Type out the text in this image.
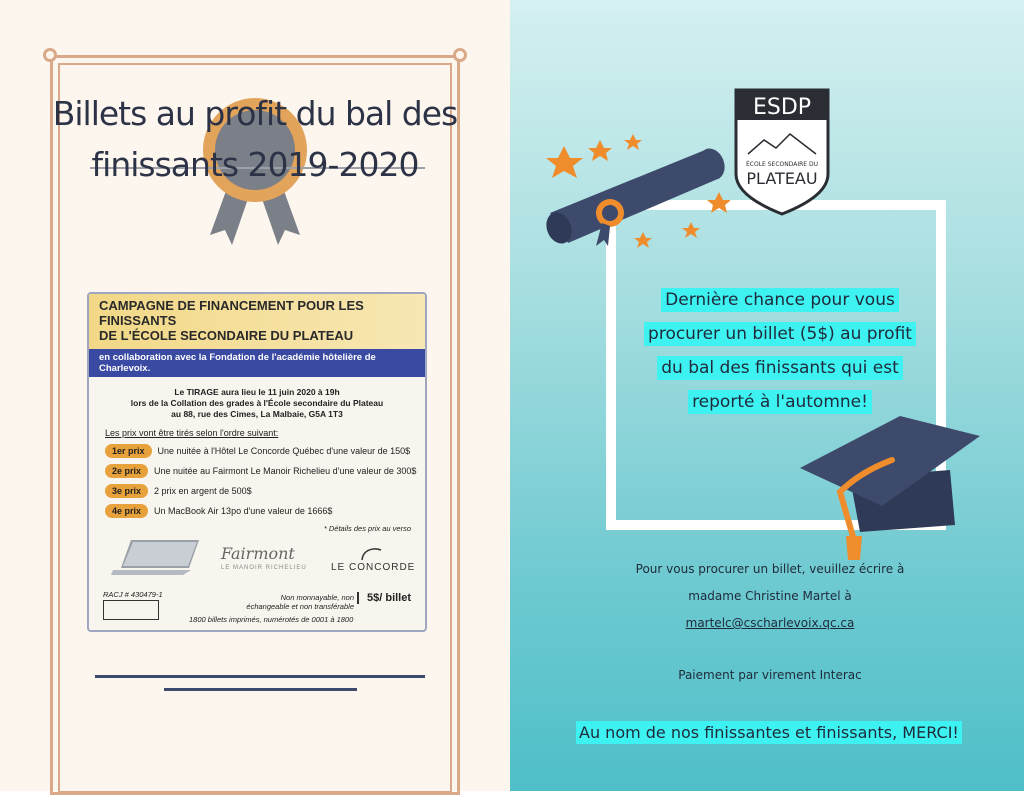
Billets au profit du bal des
finissants 2019-2020
CAMPAGNE DE FINANCEMENT POUR LES FINISSANTS
DE L'ÉCOLE SECONDAIRE DU PLATEAU
en collaboration avec la Fondation de l'académie hôtelière de Charlevoix.
Le TIRAGE aura lieu le 11 juin 2020 à 19h
lors de la Collation des grades à l'École secondaire du Plateau
au 88, rue des Cimes, La Malbaie, G5A 1T3
Les prix vont être tirés selon l'ordre suivant:
1er prix	Une nuitée à l'Hôtel Le Concorde Québec d'une valeur de 150$
2e prix	Une nuitée au Fairmont Le Manoir Richelieu d'une valeur de 300$
3e prix	2 prix en argent de 500$
4e prix	Un MacBook Air 13po d'une valeur de 1666$
* Détails des prix au verso
Fairmont
LE MANOIR RICHELIEU LE CONCORDE
RACJ # 430479-1	Non monnayable, non échangeable et non transférable
5$/ billet
1800 billets imprimés, numérotés de 0001 à 1800
ESDP
ÉCOLE SECONDAIRE DU
PLATEAU
Dernière chance pour vous
procurer un billet (5$) au profit
du bal des finissants qui est
reporté à l'automne!
Pour vous procurer un billet, veuillez écrire à
madame Christine Martel à
martelc@cscharlevoix.qc.ca
Paiement par virement Interac
Au nom de nos finissantes et finissants, MERCI!
